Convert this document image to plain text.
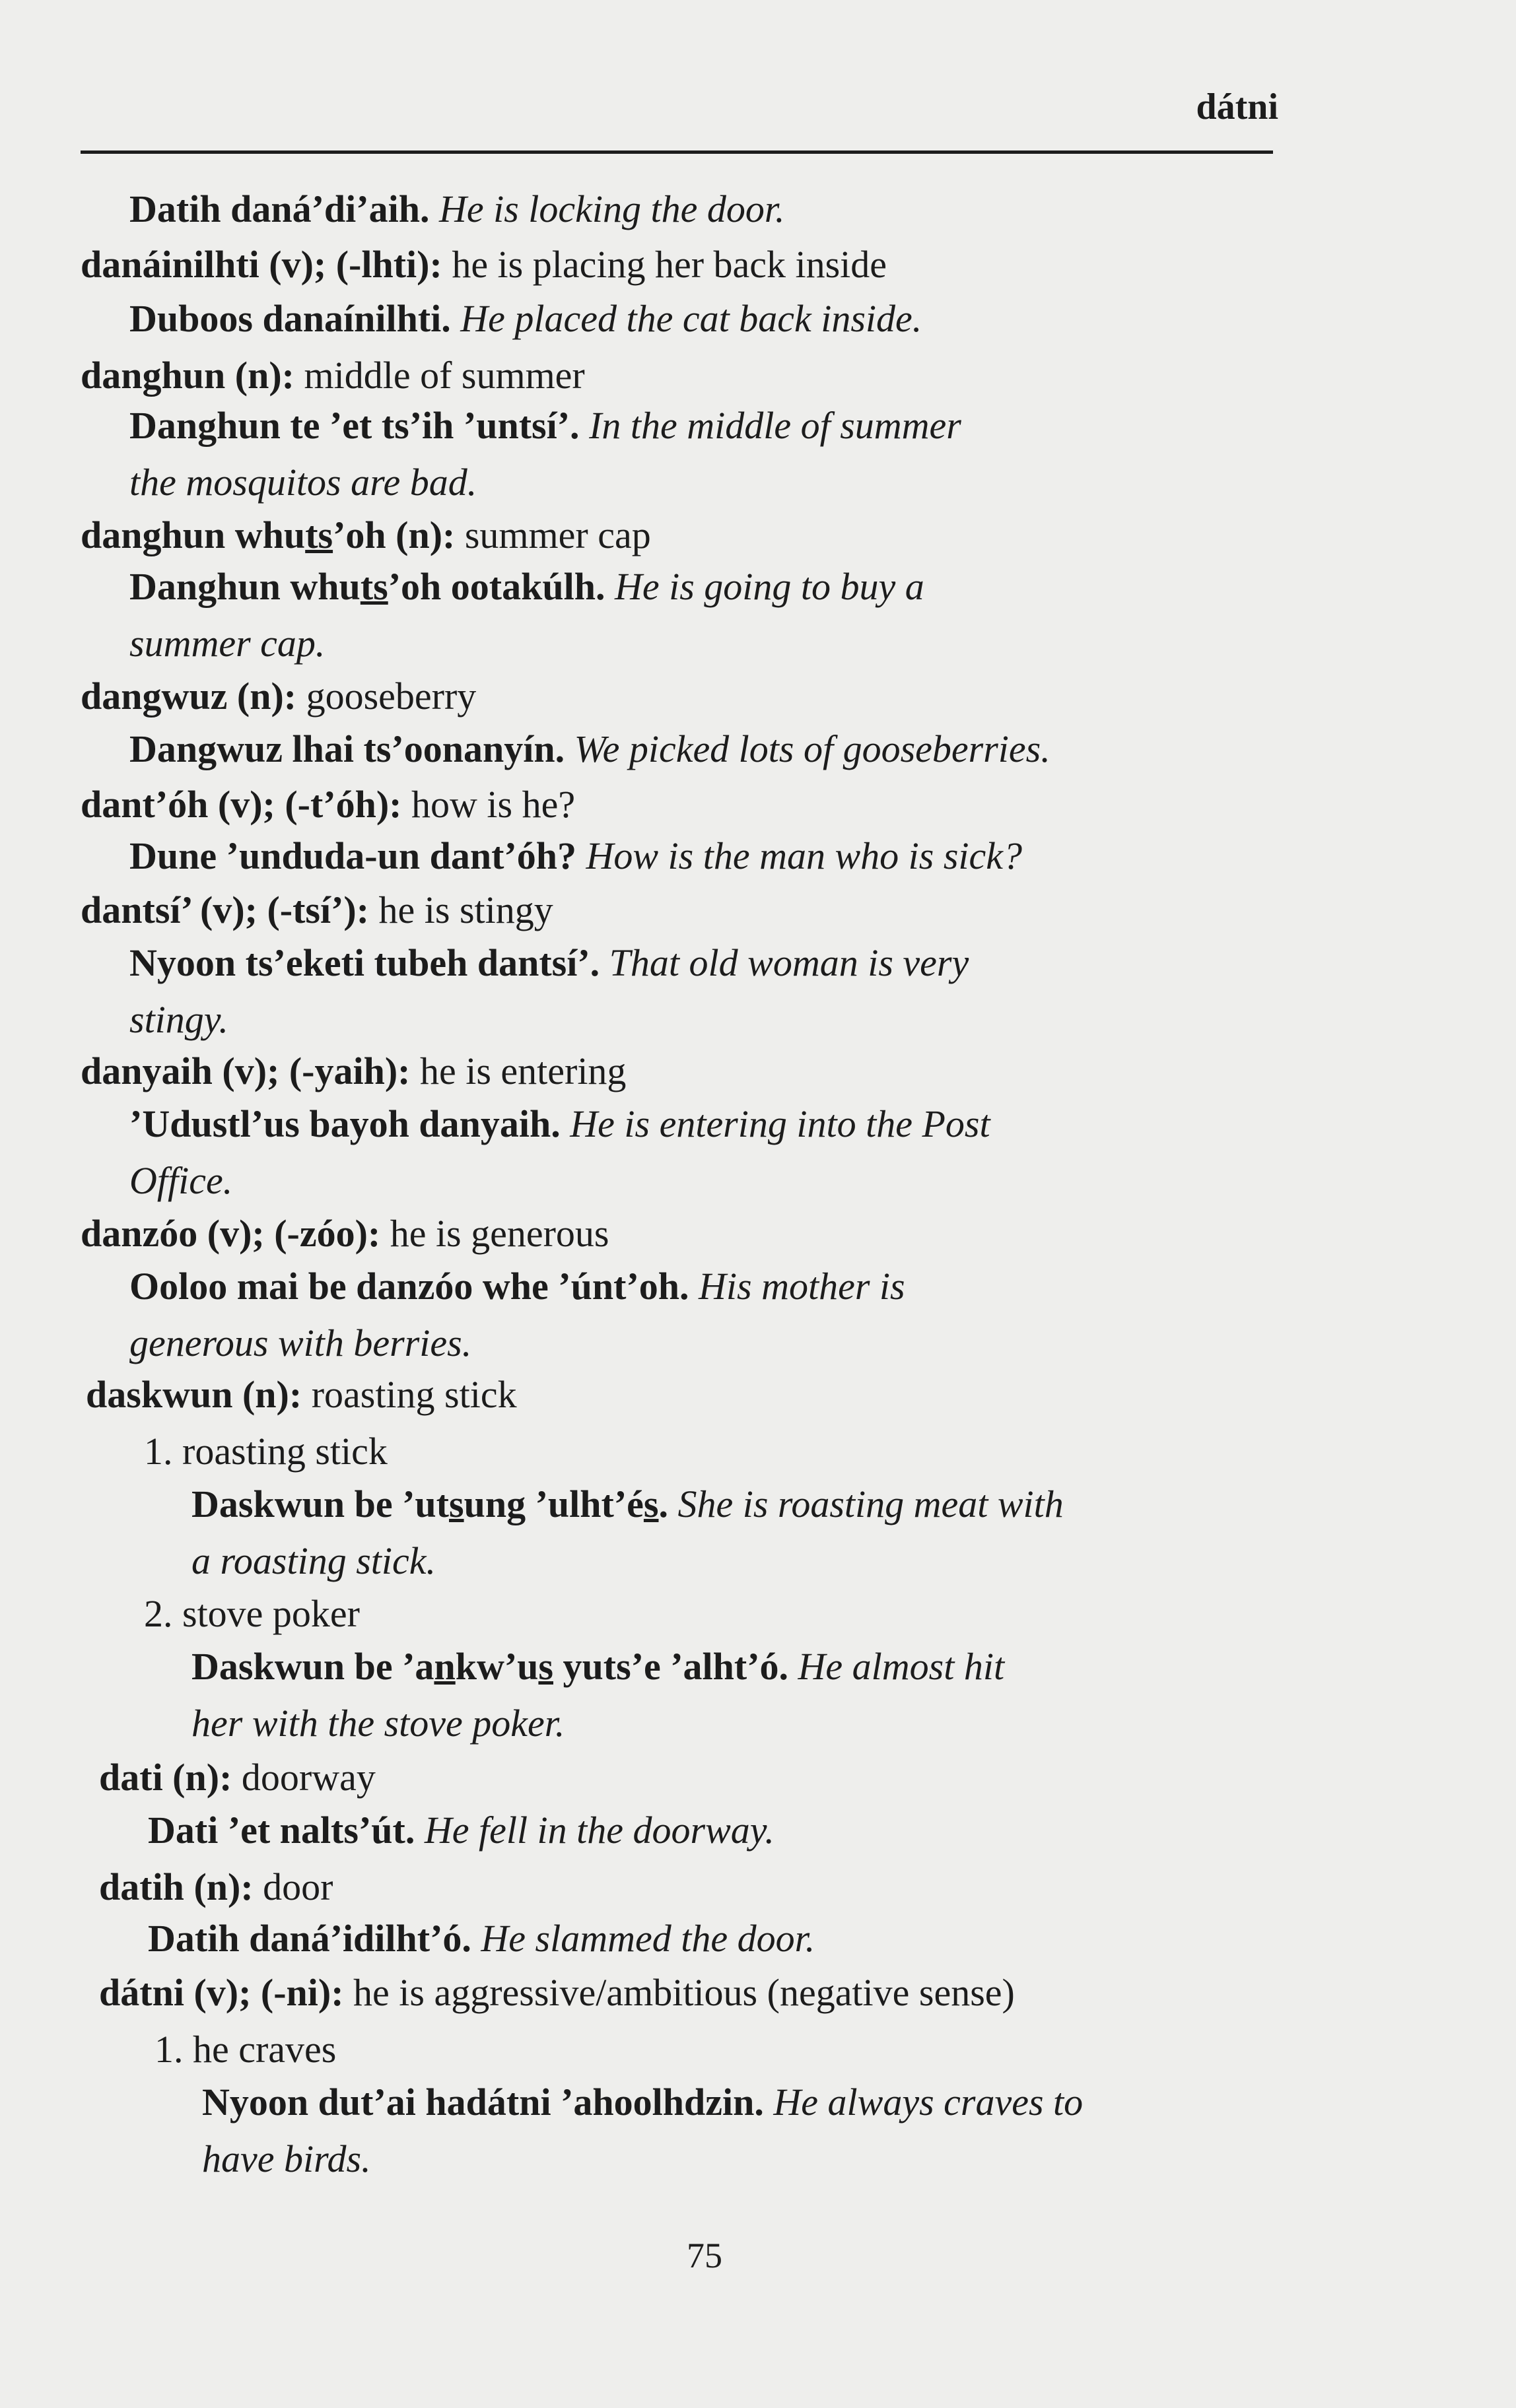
dátni
Datih daná’di’aih. He is locking the door.
danáinilhti (v); (-lhti): he is placing her back inside
Duboos danaínilhti. He placed the cat back inside.
danghun (n): middle of summer
Danghun te ’et ts’ih ’untsí’. In the middle of summer
the mosquitos are bad.
danghun whuts’oh (n): summer cap
Danghun whuts’oh ootakúlh. He is going to buy a
summer cap.
dangwuz (n): gooseberry
Dangwuz lhai ts’oonanyín. We picked lots of gooseberries.
dant’óh (v); (-t’óh): how is he?
Dune ’unduda-un dant’óh? How is the man who is sick?
dantsí’ (v); (-tsí’): he is stingy
Nyoon ts’eketi tubeh dantsí’. That old woman is very
stingy.
danyaih (v); (-yaih): he is entering
’Udustl’us bayoh danyaih. He is entering into the Post
Office.
danzóo (v); (-zóo): he is generous
Ooloo mai be danzóo whe ’únt’oh. His mother is
generous with berries.
daskwun (n): roasting stick
1. roasting stick
Daskwun be ’utsung ’ulht’és. She is roasting meat with
a roasting stick.
2. stove poker
Daskwun be ’ankw’us yuts’e ’alht’ó. He almost hit
her with the stove poker.
dati (n): doorway
Dati ’et nalts’út. He fell in the doorway.
datih (n): door
Datih daná’idilht’ó. He slammed the door.
dátni (v); (-ni): he is aggressive/ambitious (negative sense)
1. he craves
Nyoon dut’ai hadátni ’ahoolhdzin. He always craves to
have birds.
75
